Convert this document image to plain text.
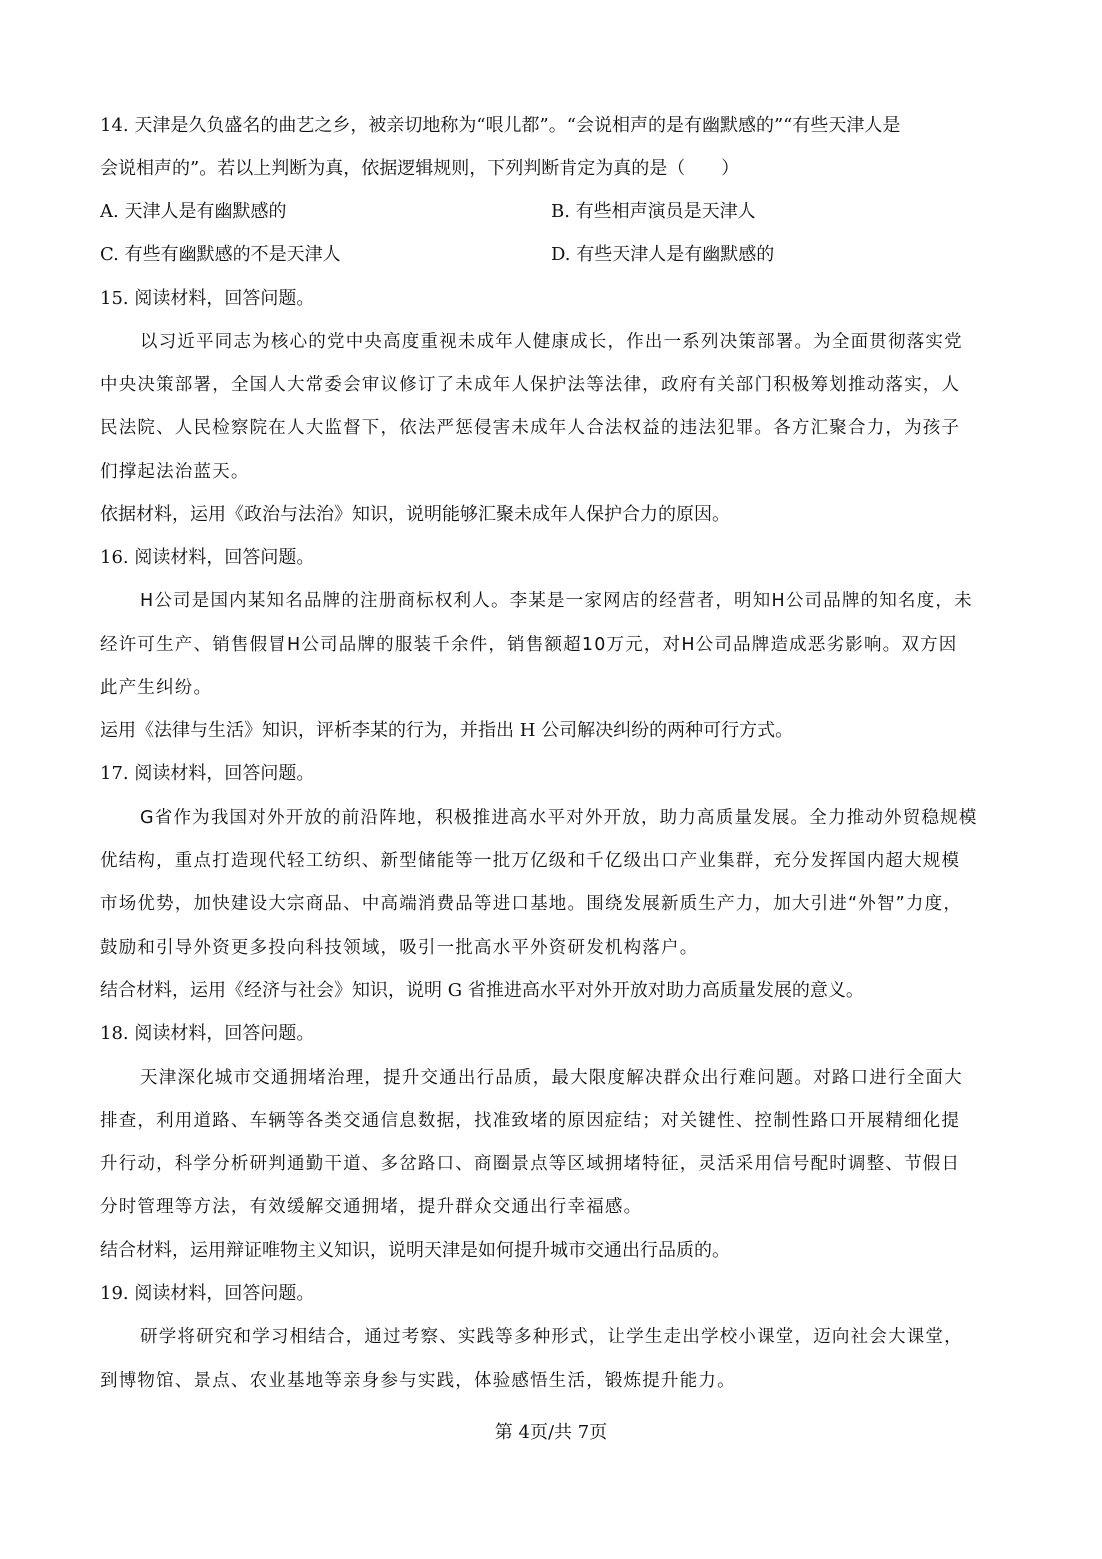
14. 天津是久负盛名的曲艺之乡，被亲切地称为“哏儿都”。“会说相声的是有幽默感的”“有些天津人是
会说相声的”。若以上判断为真，依据逻辑规则，下列判断肯定为真的是（　　）
A. 天津人是有幽默感的	B. 有些相声演员是天津人
C. 有些有幽默感的不是天津人	D. 有些天津人是有幽默感的
15. 阅读材料，回答问题。
以习近平同志为核心的党中央高度重视未成年人健康成长，作出一系列决策部署。为全面贯彻落实党
中央决策部署，全国人大常委会审议修订了未成年人保护法等法律，政府有关部门积极筹划推动落实，人
民法院、人民检察院在人大监督下，依法严惩侵害未成年人合法权益的违法犯罪。各方汇聚合力，为孩子
们撑起法治蓝天。
依据材料，运用《政治与法治》知识，说明能够汇聚未成年人保护合力的原因。
16. 阅读材料，回答问题。
H公司是国内某知名品牌的注册商标权利人。李某是一家网店的经营者，明知H公司品牌的知名度，未
经许可生产、销售假冒H公司品牌的服装千余件，销售额超10万元，对H公司品牌造成恶劣影响。双方因
此产生纠纷。
运用《法律与生活》知识，评析李某的行为，并指出 H 公司解决纠纷的两种可行方式。
17. 阅读材料，回答问题。
G省作为我国对外开放的前沿阵地，积极推进高水平对外开放，助力高质量发展。全力推动外贸稳规模
优结构，重点打造现代轻工纺织、新型储能等一批万亿级和千亿级出口产业集群，充分发挥国内超大规模
市场优势，加快建设大宗商品、中高端消费品等进口基地。围绕发展新质生产力，加大引进“外智”力度，
鼓励和引导外资更多投向科技领域，吸引一批高水平外资研发机构落户。
结合材料，运用《经济与社会》知识，说明 G 省推进高水平对外开放对助力高质量发展的意义。
18. 阅读材料，回答问题。
天津深化城市交通拥堵治理，提升交通出行品质，最大限度解决群众出行难问题。对路口进行全面大
排查，利用道路、车辆等各类交通信息数据，找准致堵的原因症结；对关键性、控制性路口开展精细化提
升行动，科学分析研判通勤干道、多岔路口、商圈景点等区域拥堵特征，灵活采用信号配时调整、节假日
分时管理等方法，有效缓解交通拥堵，提升群众交通出行幸福感。
结合材料，运用辩证唯物主义知识，说明天津是如何提升城市交通出行品质的。
19. 阅读材料，回答问题。
研学将研究和学习相结合，通过考察、实践等多种形式，让学生走出学校小课堂，迈向社会大课堂，
到博物馆、景点、农业基地等亲身参与实践，体验感悟生活，锻炼提升能力。
第 4页/共 7页
